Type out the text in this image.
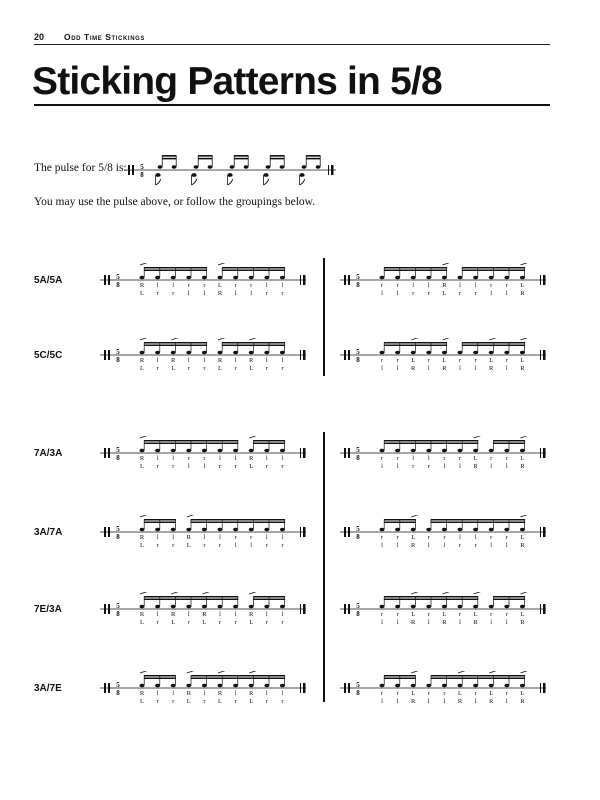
20 Odd Time Stickings
Sticking Patterns in 5/8
The pulse for 5/8 is: 5
8
You may use the pulse above, or follow the groupings below.
5A/5A	5
8	R l l r r L r r l l
L r r l l R l l r r
5
8	r r l l R l l r r L
l l r r L r r l l R
5C/5C	5
8	R l R l l R l R l l
L r L r r L r L r r
5
8	r r L r L r r L r L
l l R l R l l R l R
7A/3A	5
8	R l l r r l l R l l
L r r l l r r L r r
5
8	r r l l r r L r r L
l l r r l l R l l R
3A/7A	5
8	R l l R l l r r l l
L r r L r r l l r r
5
8	r r L r r l l r r L
l l R l l r r l l R
7E/3A	5
8	R l R l R l l R l l
L r L r L r r L r r
5
8	r r L r L r L r r L
l l R l R l R l l R
3A/7E	5
8	R l l R l R l R l l
L r r L r L r L r r
5
8	r r L r r L r L r L
l l R l l R l R l R
